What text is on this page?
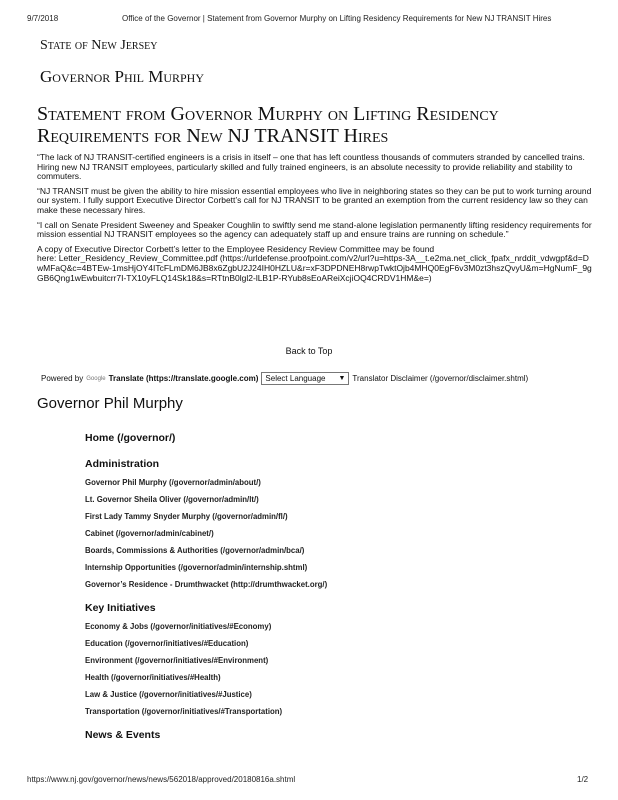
9/7/2018	Office of the Governor | Statement from Governor Murphy on Lifting Residency Requirements for New NJ TRANSIT Hires
State of New Jersey
Governor Phil Murphy
Statement from Governor Murphy on Lifting Residency Requirements for New NJ TRANSIT Hires

“The lack of NJ TRANSIT-certified engineers is a crisis in itself – one that has left countless thousands of commuters stranded by cancelled trains. Hiring new NJ TRANSIT employees, particularly skilled and fully trained engineers, is an absolute necessity to provide reliability and stability to commuters.

“NJ TRANSIT must be given the ability to hire mission essential employees who live in neighboring states so they can be put to work turning around our system. I fully support Executive Director Corbett’s call for NJ TRANSIT to be granted an exemption from the current residency law so they can make these necessary hires.

“I call on Senate President Sweeney and Speaker Coughlin to swiftly send me stand-alone legislation permanently lifting residency requirements for mission essential NJ TRANSIT employees so the agency can adequately staff up and ensure trains are running on schedule.”

A copy of Executive Director Corbett’s letter to the Employee Residency Review Committee may be found
here: Letter_Residency_Review_Committee.pdf (https://urldefense.proofpoint.com/v2/url?u=https-3A__t.e2ma.net_click_fpafx_nrddit_vdwgpf&d=DwMFaQ&c=4BTEw-1msHjOY4ITcFLmDM6JB8x6ZgbU2J24IH0HZLU&r=xF3DPDNEH8rwpTwktOjb4MHQ0EgF6v3M0zt3hszQvyU&m=HgNumF_9gGB6Qng1wEwbuitcrr7I-TX10yFLQ14Sk18&s=RTtnB0lgl2-lLB1P-RYub8sEoAReiXcjiOQ4CRDV1HM&e=)

Back to Top
Powered by Google Translate (https://translate.google.com) Select Language ▼ Translator Disclaimer (/governor/disclaimer.shtml)
Governor Phil Murphy
Home (/governor/)
Administration
Governor Phil Murphy (/governor/admin/about/)
Lt. Governor Sheila Oliver (/governor/admin/lt/)
First Lady Tammy Snyder Murphy (/governor/admin/fl/)
Cabinet (/governor/admin/cabinet/)
Boards, Commissions & Authorities (/governor/admin/bca/)
Internship Opportunities (/governor/admin/internship.shtml)
Governor’s Residence - Drumthwacket (http://drumthwacket.org/)
Key Initiatives
Economy & Jobs (/governor/initiatives/#Economy)
Education (/governor/initiatives/#Education)
Environment (/governor/initiatives/#Environment)
Health (/governor/initiatives/#Health)
Law & Justice (/governor/initiatives/#Justice)
Transportation (/governor/initiatives/#Transportation)
News & Events
https://www.nj.gov/governor/news/news/562018/approved/20180816a.shtml	1/2
